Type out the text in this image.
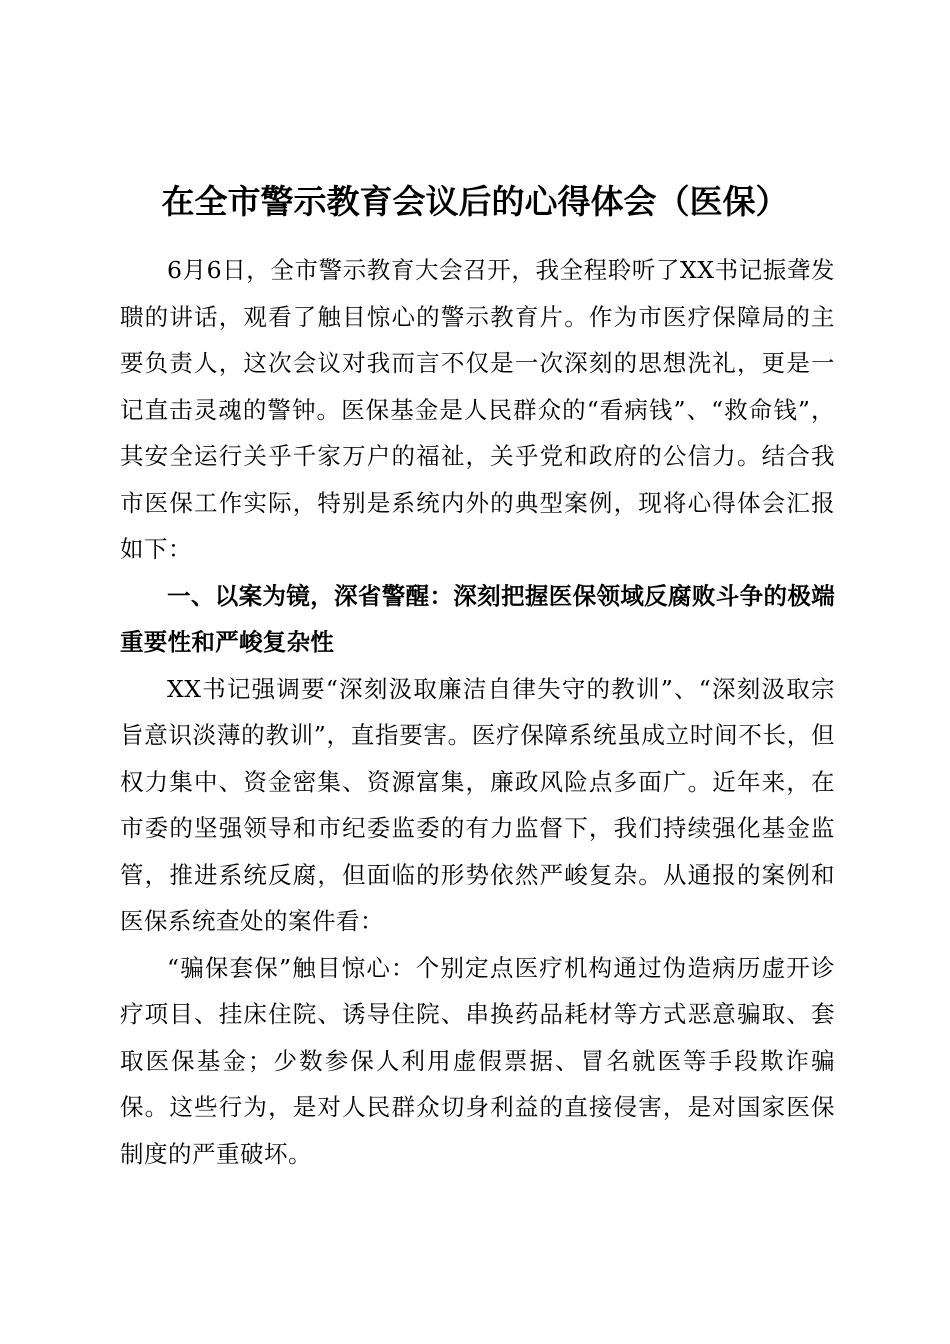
在全市警示教育会议后的心得体会（医保）

6月6日，全市警示教育大会召开，我全程聆听了XX书记振聋发聩的讲话，观看了触目惊心的警示教育片。作为市医疗保障局的主要负责人，这次会议对我而言不仅是一次深刻的思想洗礼，更是一记直击灵魂的警钟。医保基金是人民群众的“看病钱”、“救命钱”，其安全运行关乎千家万户的福祉，关乎党和政府的公信力。结合我市医保工作实际，特别是系统内外的典型案例，现将心得体会汇报如下：

一、以案为镜，深省警醒：深刻把握医保领域反腐败斗争的极端重要性和严峻复杂性

XX书记强调要“深刻汲取廉洁自律失守的教训”、“深刻汲取宗旨意识淡薄的教训”，直指要害。医疗保障系统虽成立时间不长，但权力集中、资金密集、资源富集，廉政风险点多面广。近年来，在市委的坚强领导和市纪委监委的有力监督下，我们持续强化基金监管，推进系统反腐，但面临的形势依然严峻复杂。从通报的案例和医保系统查处的案件看：

“骗保套保”触目惊心：个别定点医疗机构通过伪造病历虚开诊疗项目、挂床住院、诱导住院、串换药品耗材等方式恶意骗取、套取医保基金；少数参保人利用虚假票据、冒名就医等手段欺诈骗保。这些行为，是对人民群众切身利益的直接侵害，是对国家医保制度的严重破坏。
